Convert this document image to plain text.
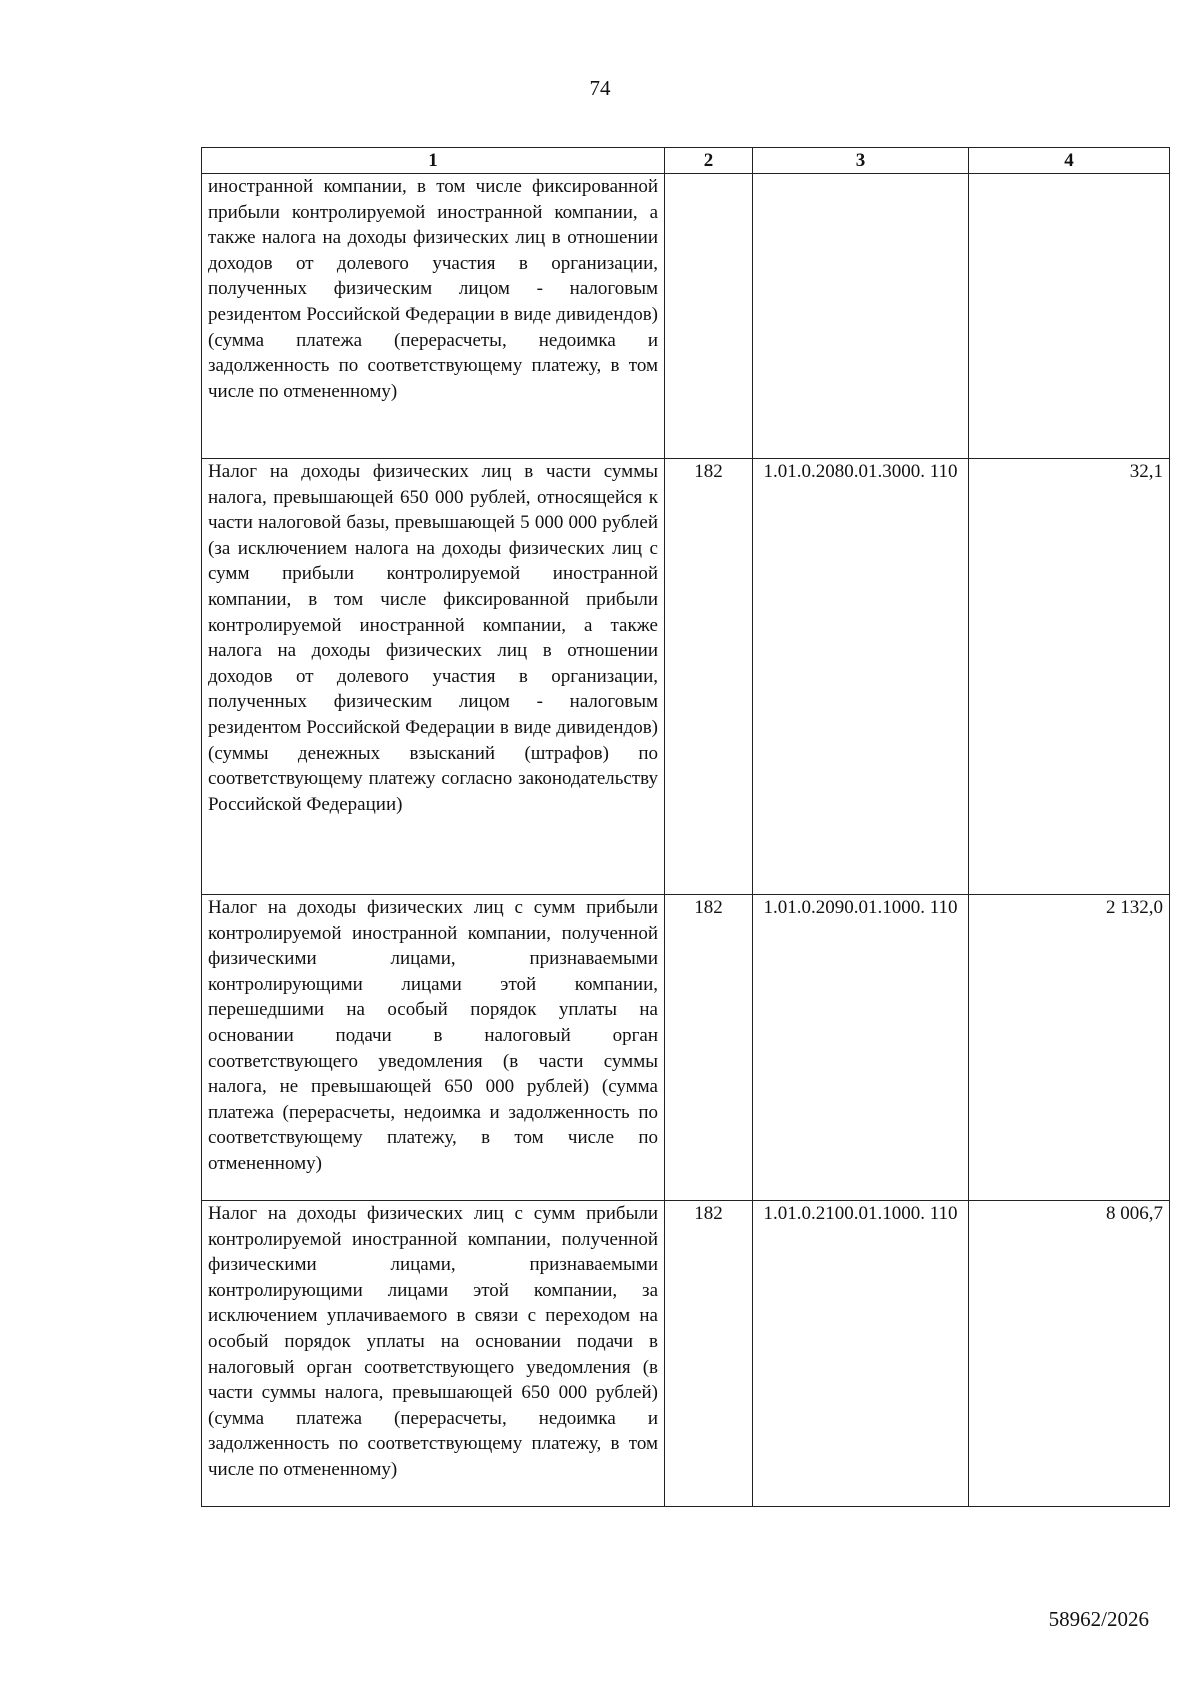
74
1	2	3	4
иностранной компании, в том числе фиксированной прибыли контролируемой иностранной компании, а также налога на доходы физических лиц в отношении доходов от долевого участия в организации, полученных физическим лицом - налоговым резидентом Российской Федерации в виде дивидендов) (сумма платежа (перерасчеты, недоимка и задолженность по соответствующему платежу, в том числе по отмененному)			
Налог на доходы физических лиц в части суммы налога, превышающей 650 000 рублей, относящейся к части налоговой базы, превышающей 5 000 000 рублей (за исключением налога на доходы физических лиц с сумм прибыли контролируемой иностранной компании, в том числе фиксированной прибыли контролируемой иностранной компании, а также налога на доходы физических лиц в отношении доходов от долевого участия в организации, полученных физическим лицом - налоговым резидентом Российской Федерации в виде дивидендов) (суммы денежных взысканий (штрафов) по соответствующему платежу согласно законодательству Российской Федерации)	182	1.01.0.2080.01.3000. 110	32,1
Налог на доходы физических лиц с сумм прибыли контролируемой иностранной компании, полученной физическими лицами, признаваемыми контролирующими лицами этой компании, перешедшими на особый порядок уплаты на основании подачи в налоговый орган соответствующего уведомления (в части суммы налога, не превышающей 650 000 рублей) (сумма платежа (перерасчеты, недоимка и задолженность по соответствующему платежу, в том числе по отмененному)	182	1.01.0.2090.01.1000. 110	2 132,0
Налог на доходы физических лиц с сумм прибыли контролируемой иностранной компании, полученной физическими лицами, признаваемыми контролирующими лицами этой компании, за исключением уплачиваемого в связи с переходом на особый порядок уплаты на основании подачи в налоговый орган соответствующего уведомления (в части суммы налога, превышающей 650 000 рублей) (сумма платежа (перерасчеты, недоимка и задолженность по соответствующему платежу, в том числе по отмененному)	182	1.01.0.2100.01.1000. 110	8 006,7
58962/2026
